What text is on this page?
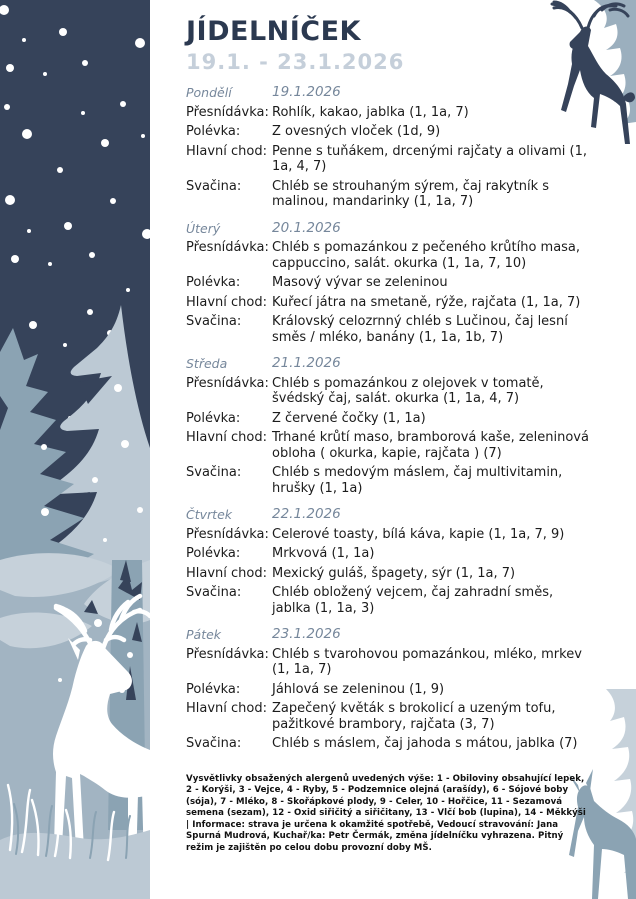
JÍDELNÍČEK
19.1. - 23.1.2026
Pondělí	19.1.2026
Přesnídávka: Rohlík, kakao, jablka (1, 1a, 7)
Polévka:	Z ovesných vloček (1d, 9)
Hlavní chod: Penne s tuňákem, drcenými rajčaty a olivami (1, 1a, 4, 7)
Svačina:	Chléb se strouhaným sýrem, čaj rakytník s malinou, mandarinky (1, 1a, 7)
Úterý	20.1.2026
Přesnídávka: Chléb s pomazánkou z pečeného krůtího masa, cappuccino, salát. okurka (1, 1a, 7, 10)
Polévka:	Masový vývar se zeleninou
Hlavní chod: Kuřecí játra na smetaně, rýže, rajčata (1, 1a, 7)
Svačina:	Královský celozrnný chléb s Lučinou, čaj lesní směs / mléko, banány (1, 1a, 1b, 7)
Středa	21.1.2026
Přesnídávka: Chléb s pomazánkou z olejovek v tomatě, švédský čaj, salát. okurka (1, 1a, 4, 7)
Polévka:	Z červené čočky (1, 1a)
Hlavní chod: Trhané krůtí maso, bramborová kaše, zeleninová obloha ( okurka, kapie, rajčata ) (7)
Svačina:	Chléb s medovým máslem, čaj multivitamin, hrušky (1, 1a)
Čtvrtek	22.1.2026
Přesnídávka: Celerové toasty, bílá káva, kapie (1, 1a, 7, 9)
Polévka:	Mrkvová (1, 1a)
Hlavní chod: Mexický guláš, špagety, sýr (1, 1a, 7)
Svačina:	Chléb obložený vejcem, čaj zahradní směs, jablka (1, 1a, 3)
Pátek	23.1.2026
Přesnídávka: Chléb s tvarohovou pomazánkou, mléko, mrkev (1, 1a, 7)
Polévka:	Jáhlová se zeleninou (1, 9)
Hlavní chod: Zapečený květák s brokolicí a uzeným tofu, pažitkové brambory, rajčata (3, 7)
Svačina:	Chléb s máslem, čaj jahoda s mátou, jablka (7)

Vysvětlivky obsažených alergenů uvedených výše: 1 - Obiloviny obsahující lepek, 2 - Korýši, 3 - Vejce, 4 - Ryby, 5 - Podzemnice olejná (arašídy), 6 - Sójové boby (sója), 7 - Mléko, 8 - Skořápkové plody, 9 - Celer, 10 - Hořčice, 11 - Sezamová semena (sezam), 12 - Oxid siřičitý a siřičitany, 13 - Vlčí bob (lupina), 14 - Měkkýši | Informace: strava je určena k okamžité spotřebě, Vedoucí stravování: Jana Spurná Mudrová, Kuchař/ka: Petr Čermák, změna jídelníčku vyhrazena. Pitný režim je zajištěn po celou dobu provozní doby MŠ.
